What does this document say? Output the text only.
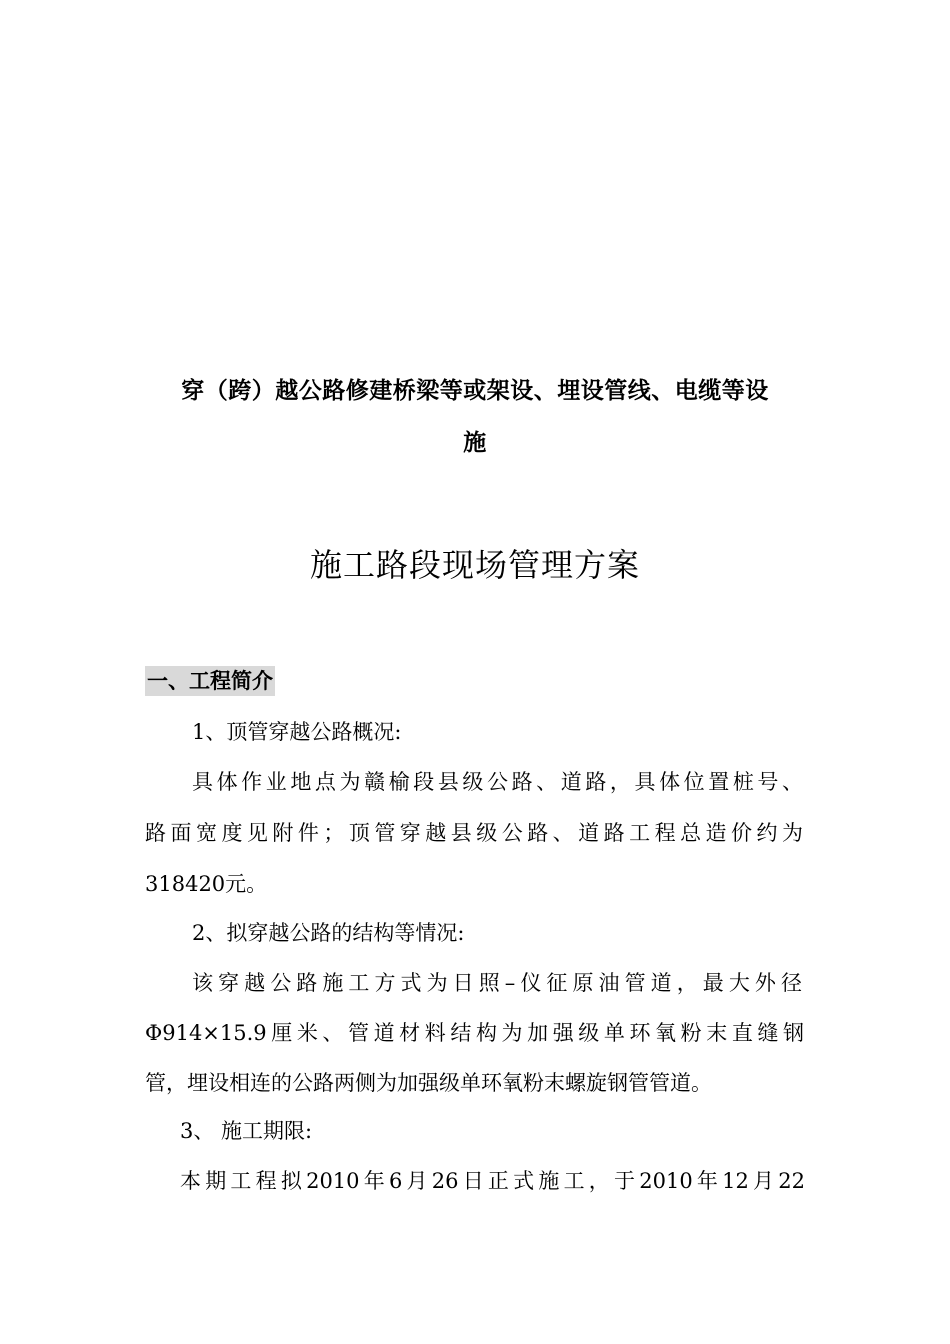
穿（跨）越公路修建桥梁等或架设、埋设管线、电缆等设
施
施工路段现场管理方案
一、工程简介
1、顶管穿越公路概况:
具体作业地点为赣榆段县级公路、道路，具体位置桩号、
路面宽度见附件；顶管穿越县级公路、道路工程总造价约为
318420元。
2、拟穿越公路的结构等情况:
该穿越公路施工方式为日照–仪征原油管道，最大外径
Φ914×15.9厘米、管道材料结构为加强级单环氧粉末直缝钢
管，埋设相连的公路两侧为加强级单环氧粉末螺旋钢管管道。
3、 施工期限:
本期工程拟2010年6月26日正式施工，于2010年12月22
